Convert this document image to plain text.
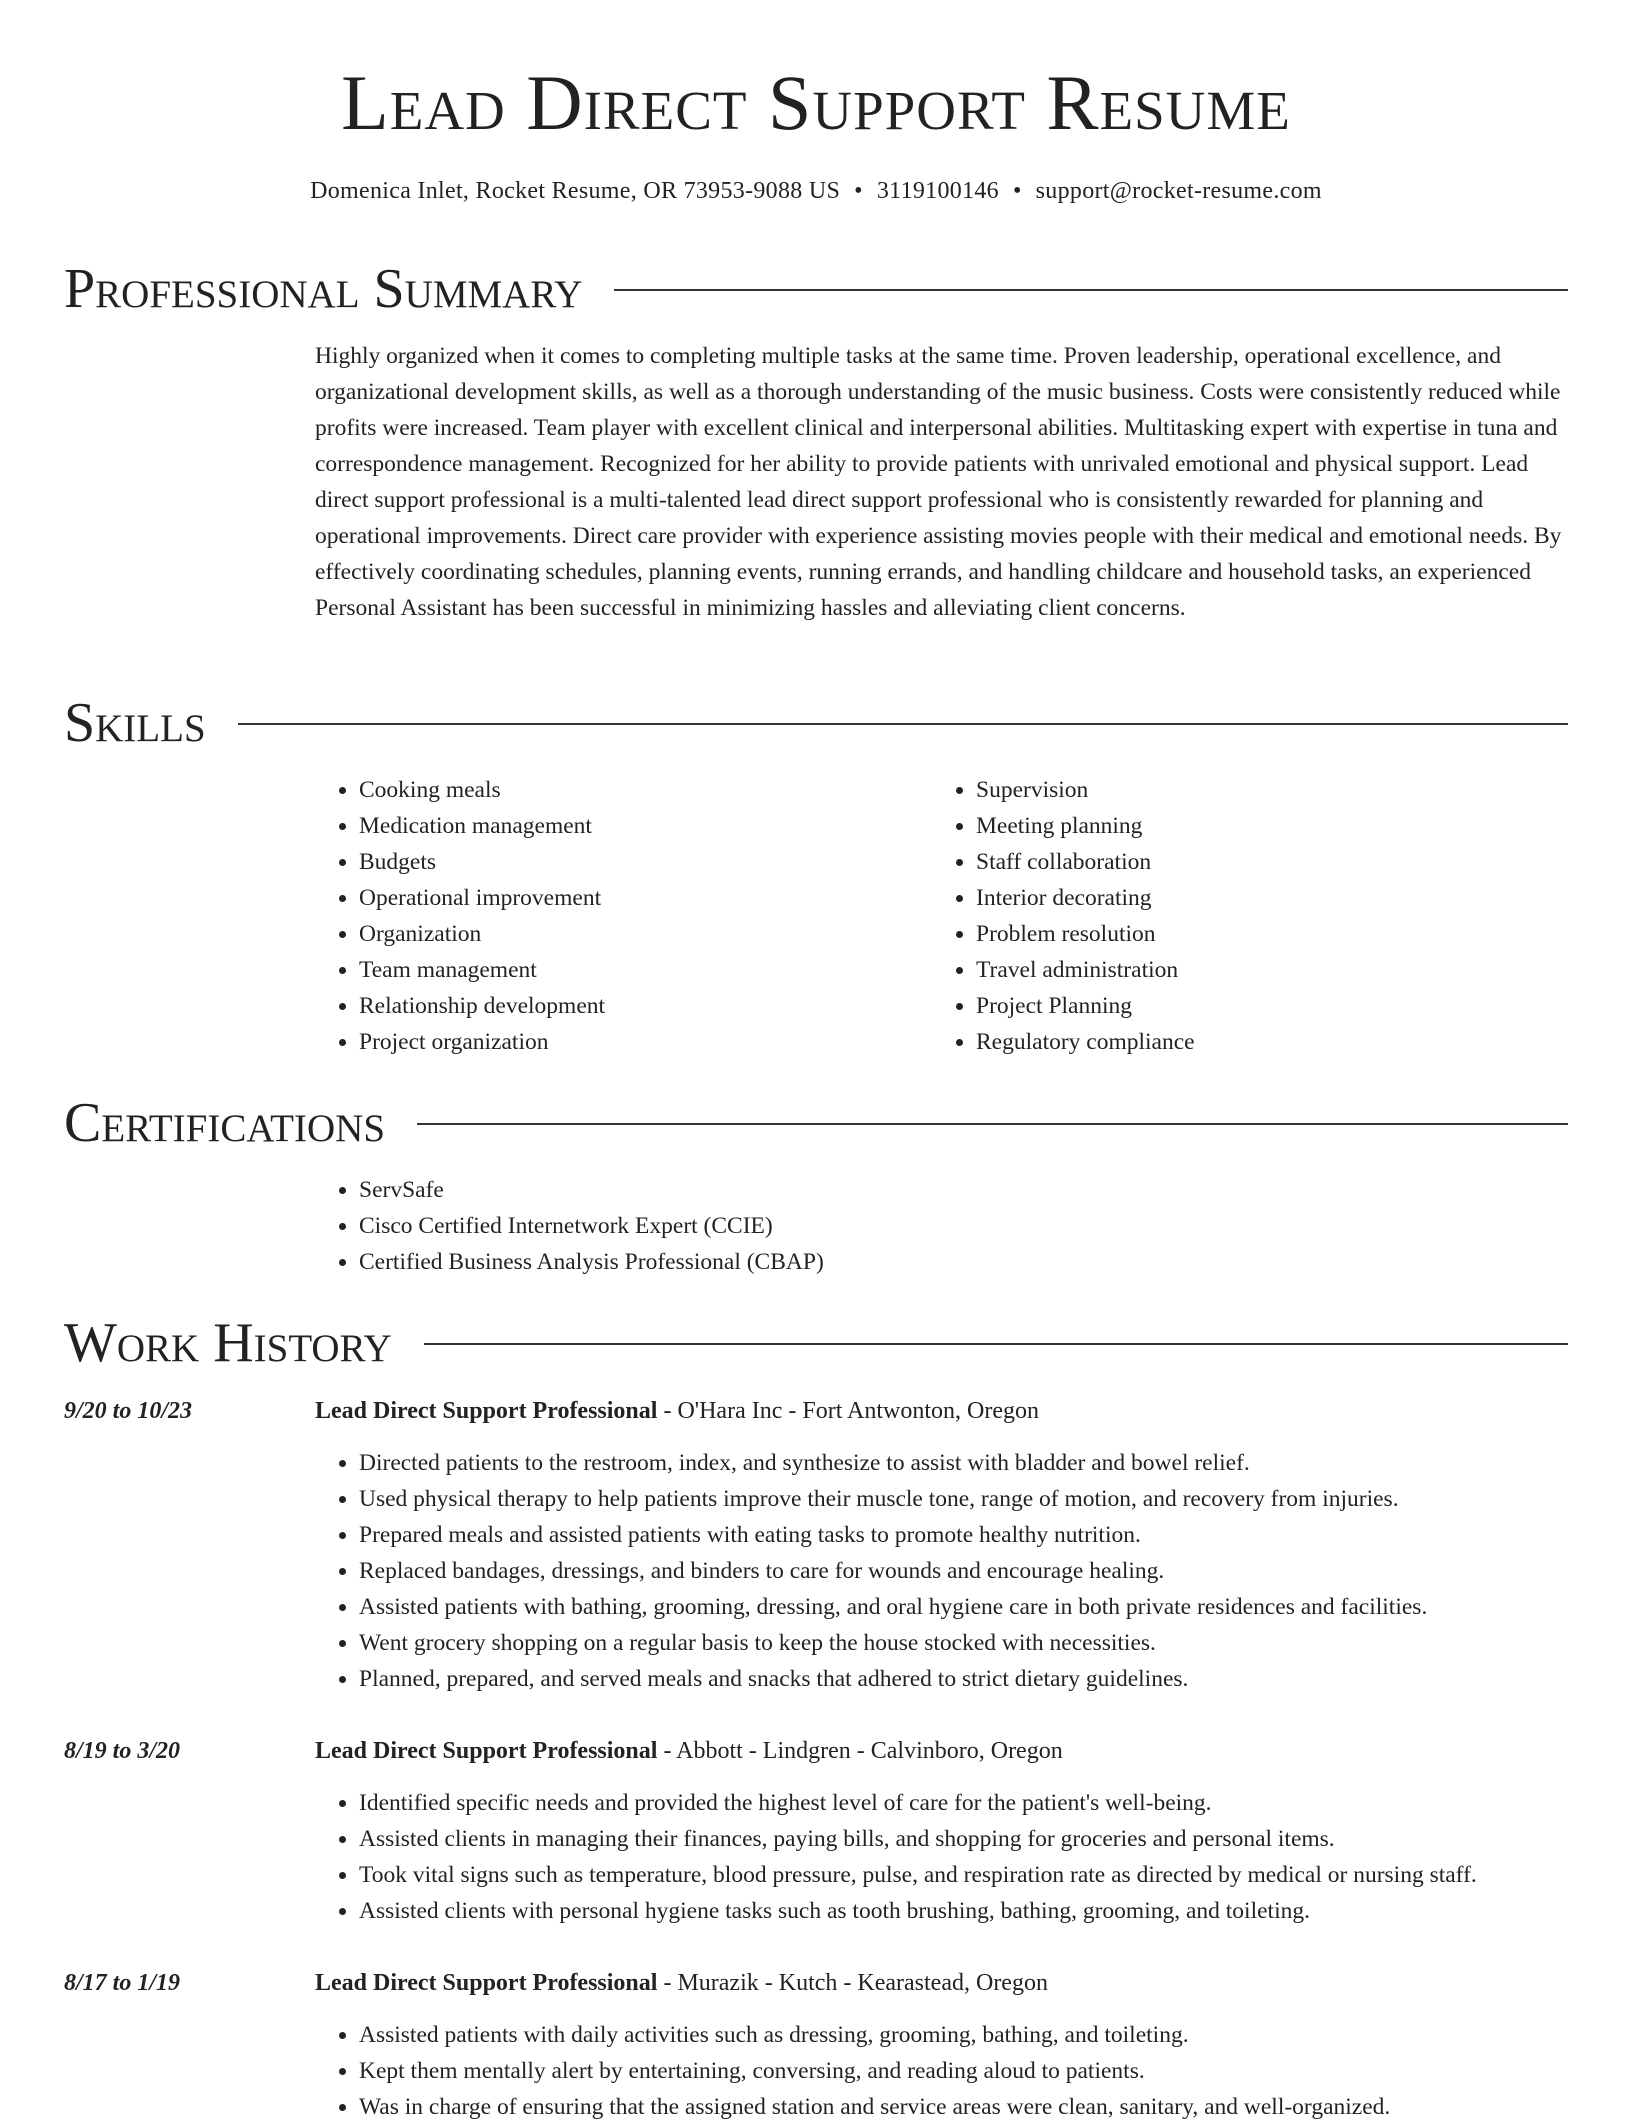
Lead Direct Support Resume
Domenica Inlet, Rocket Resume, OR 73953-9088 US • 3119100146 • support@rocket-resume.com
Professional Summary

Highly organized when it comes to completing multiple tasks at the same time. Proven leadership, operational excellence, and organizational development skills, as well as a thorough understanding of the music business. Costs were consistently reduced while profits were increased. Team player with excellent clinical and interpersonal abilities. Multitasking expert with expertise in tuna and correspondence management. Recognized for her ability to provide patients with unrivaled emotional and physical support. Lead direct support professional is a multi-talented lead direct support professional who is consistently rewarded for planning and operational improvements. Direct care provider with experience assisting movies people with their medical and emotional needs. By effectively coordinating schedules, planning events, running errands, and handling childcare and household tasks, an experienced Personal Assistant has been successful in minimizing hassles and alleviating client concerns.

Skills
• Cooking meals
• Medication management
• Budgets
• Operational improvement
• Organization
• Team management
• Relationship development
• Project organization
• Supervision
• Meeting planning
• Staff collaboration
• Interior decorating
• Problem resolution
• Travel administration
• Project Planning
• Regulatory compliance
Certifications
• ServSafe
• Cisco Certified Internetwork Expert (CCIE)
• Certified Business Analysis Professional (CBAP)
Work History
9/20 to 10/23	Lead Direct Support Professional - O'Hara Inc - Fort Antwonton, Oregon
• Directed patients to the restroom, index, and synthesize to assist with bladder and bowel relief.
• Used physical therapy to help patients improve their muscle tone, range of motion, and recovery from injuries.
• Prepared meals and assisted patients with eating tasks to promote healthy nutrition.
• Replaced bandages, dressings, and binders to care for wounds and encourage healing.
• Assisted patients with bathing, grooming, dressing, and oral hygiene care in both private residences and facilities.
• Went grocery shopping on a regular basis to keep the house stocked with necessities.
• Planned, prepared, and served meals and snacks that adhered to strict dietary guidelines.
8/19 to 3/20	Lead Direct Support Professional - Abbott - Lindgren - Calvinboro, Oregon
• Identified specific needs and provided the highest level of care for the patient's well-being.
• Assisted clients in managing their finances, paying bills, and shopping for groceries and personal items.
• Took vital signs such as temperature, blood pressure, pulse, and respiration rate as directed by medical or nursing staff.
• Assisted clients with personal hygiene tasks such as tooth brushing, bathing, grooming, and toileting.
8/17 to 1/19	Lead Direct Support Professional - Murazik - Kutch - Kearastead, Oregon
• Assisted patients with daily activities such as dressing, grooming, bathing, and toileting.
• Kept them mentally alert by entertaining, conversing, and reading aloud to patients.
• Was in charge of ensuring that the assigned station and service areas were clean, sanitary, and well-organized.
